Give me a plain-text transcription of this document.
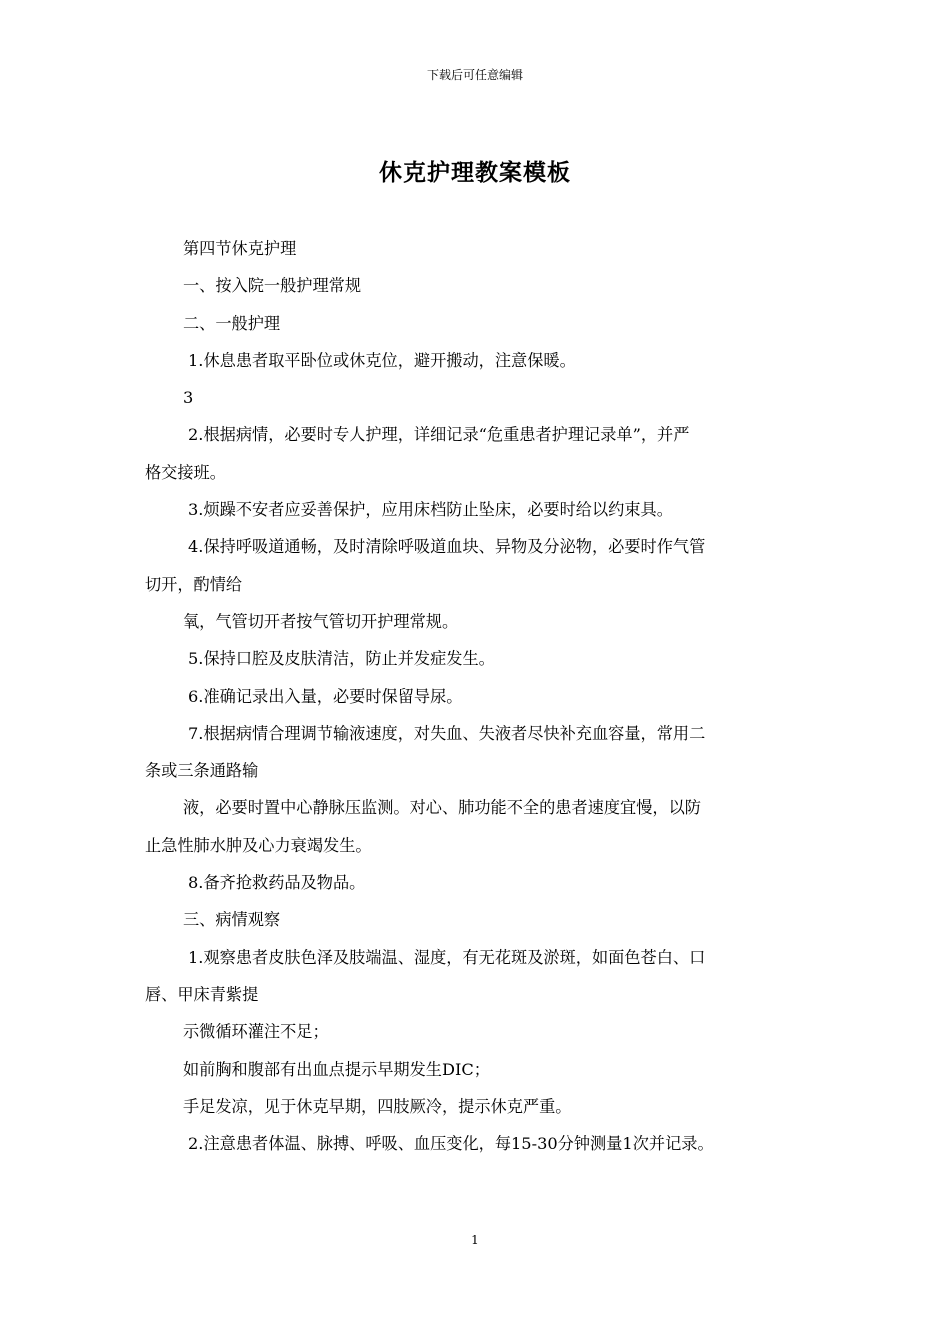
下载后可任意编辑
休克护理教案模板
第四节休克护理
一、按入院一般护理常规
二、一般护理
1.休息患者取平卧位或休克位，避开搬动，注意保暖。
3
2.根据病情，必要时专人护理，详细记录“危重患者护理记录单”，并严
格交接班。
3.烦躁不安者应妥善保护，应用床档防止坠床，必要时给以约束具。
4.保持呼吸道通畅，及时清除呼吸道血块、异物及分泌物，必要时作气管
切开，酌情给
氧，气管切开者按气管切开护理常规。
5.保持口腔及皮肤清洁，防止并发症发生。
6.准确记录出入量，必要时保留导尿。
7.根据病情合理调节输液速度，对失血、失液者尽快补充血容量，常用二
条或三条通路输
液，必要时置中心静脉压监测。对心、肺功能不全的患者速度宜慢，以防
止急性肺水肿及心力衰竭发生。
8.备齐抢救药品及物品。
三、病情观察
1.观察患者皮肤色泽及肢端温、湿度，有无花斑及淤斑，如面色苍白、口
唇、甲床青紫提
示微循环灌注不足；
如前胸和腹部有出血点提示早期发生DIC；
手足发凉，见于休克早期，四肢厥冷，提示休克严重。
2.注意患者体温、脉搏、呼吸、血压变化，每15-30分钟测量1次并记录。
1
